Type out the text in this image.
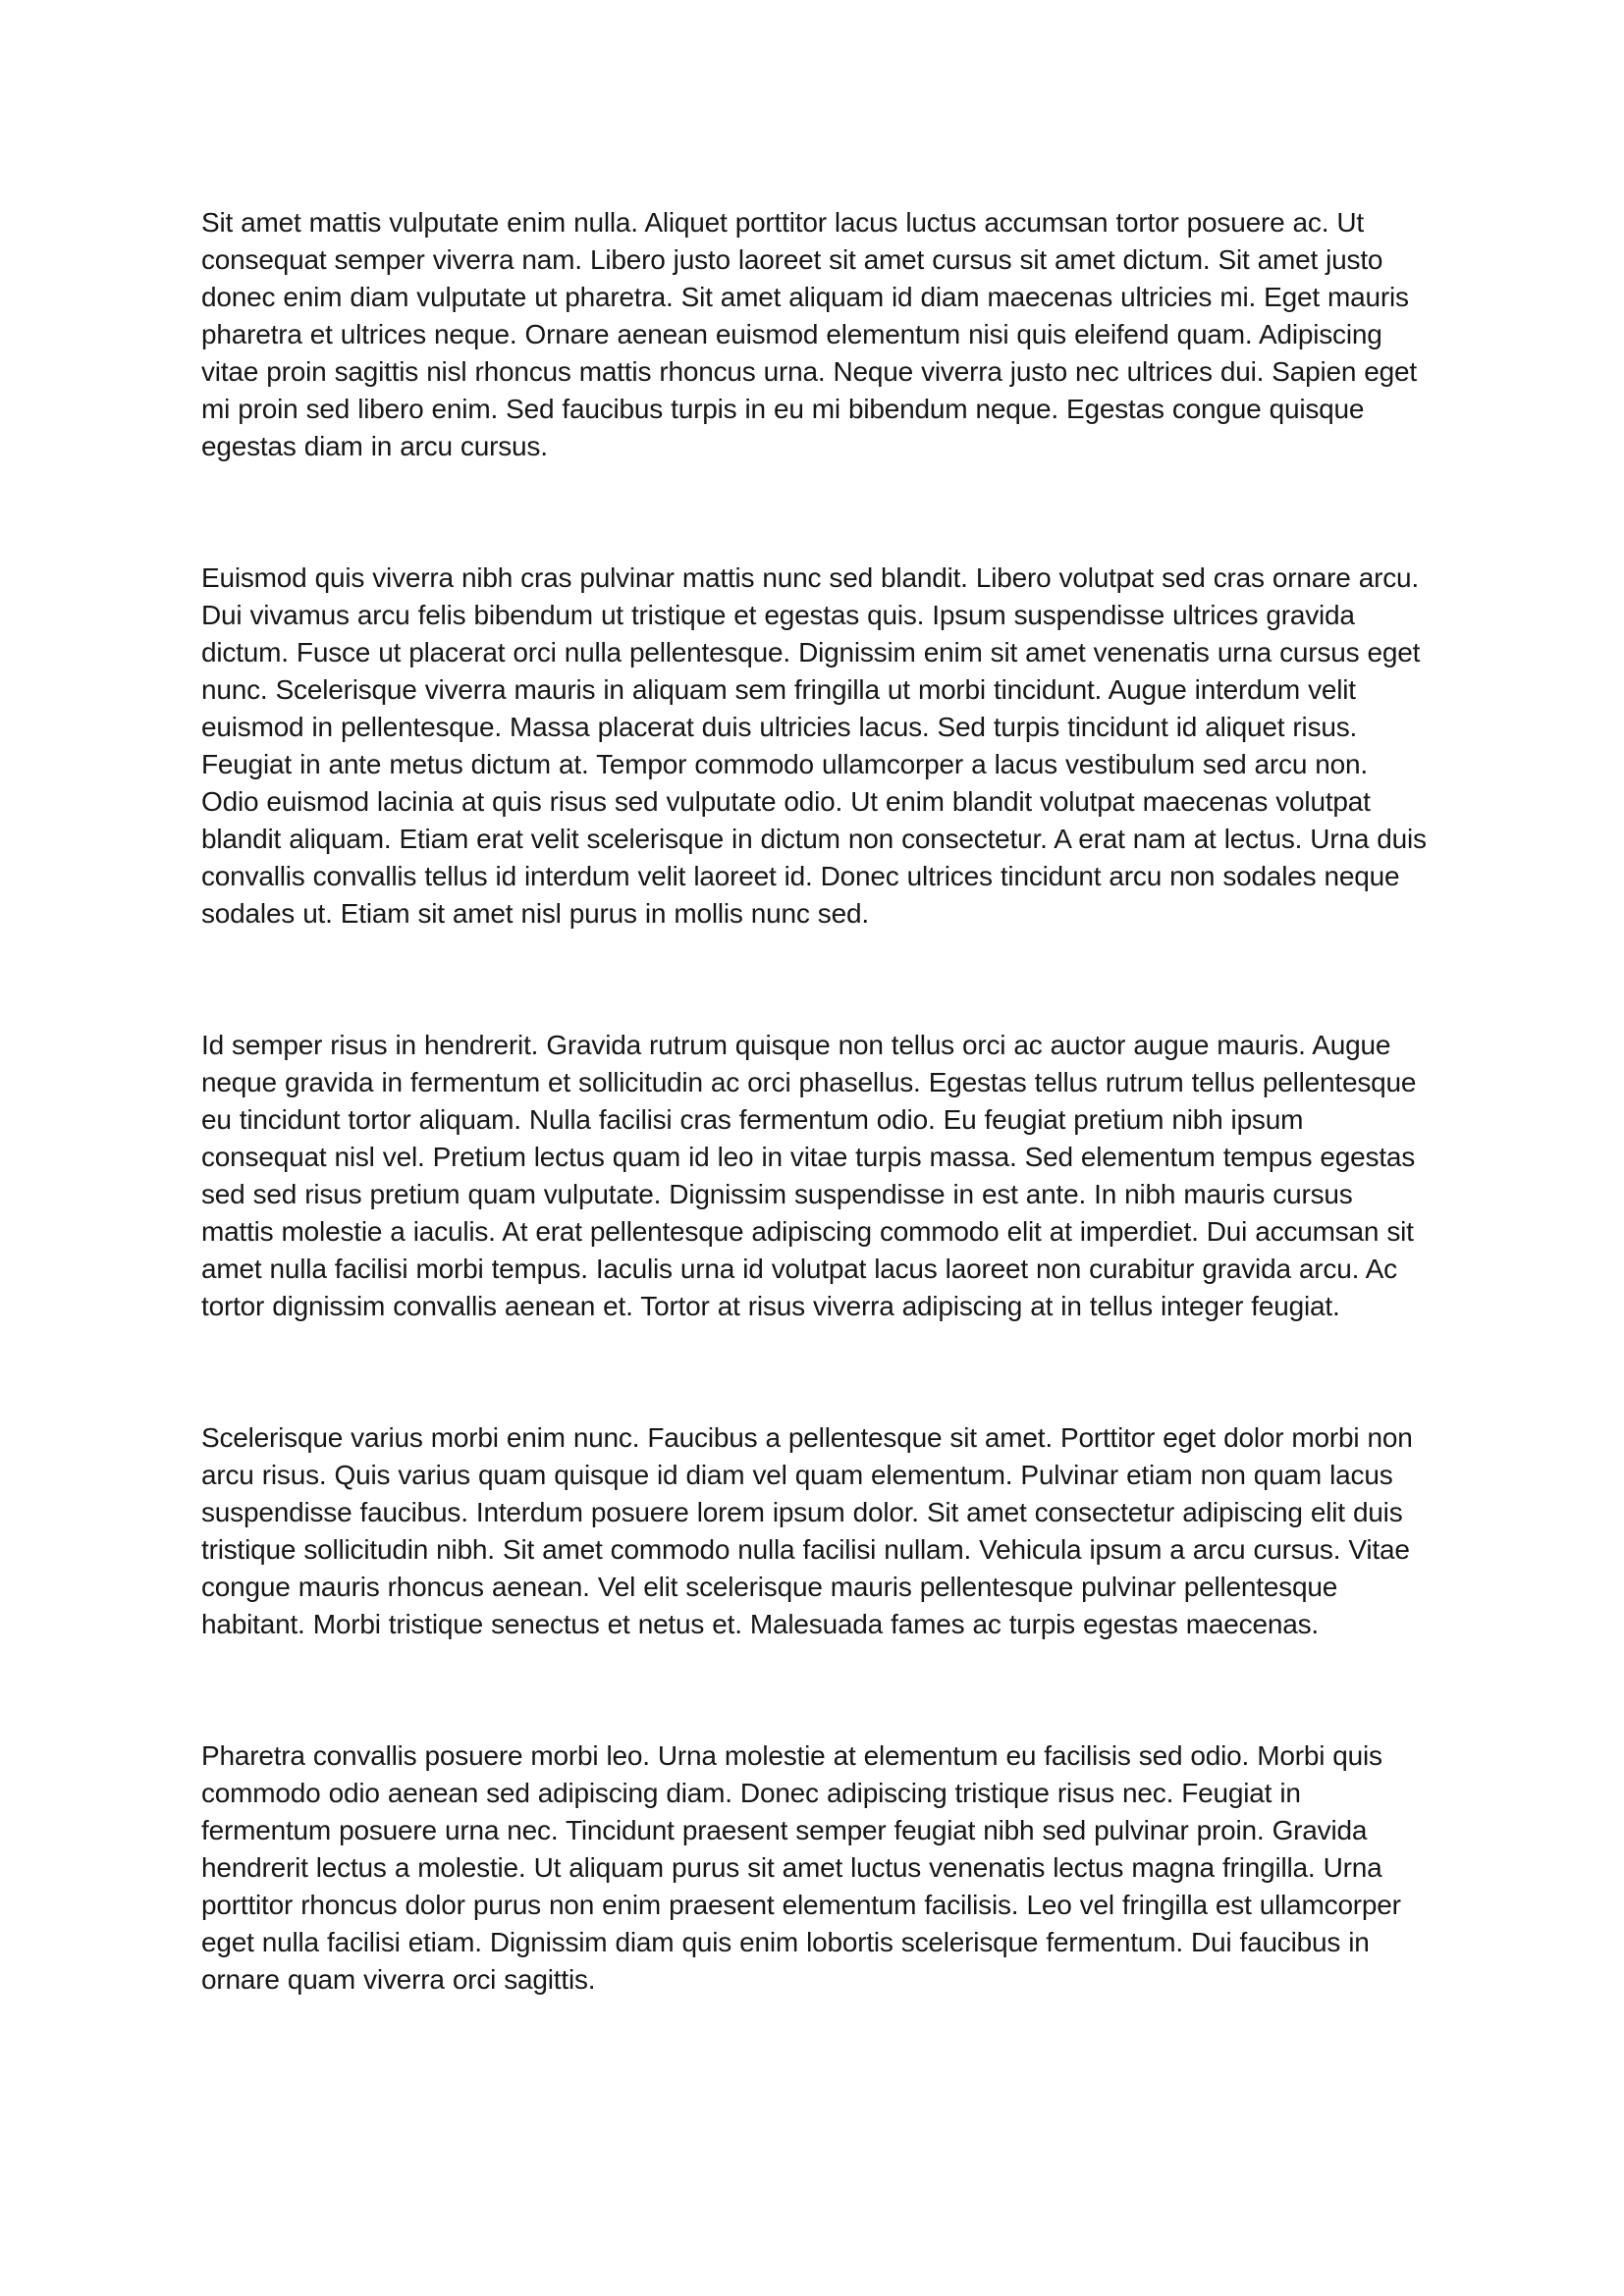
Sit amet mattis vulputate enim nulla. Aliquet porttitor lacus luctus accumsan tortor posuere ac. Ut consequat semper viverra nam. Libero justo laoreet sit amet cursus sit amet dictum. Sit amet justo donec enim diam vulputate ut pharetra. Sit amet aliquam id diam maecenas ultricies mi. Eget mauris pharetra et ultrices neque. Ornare aenean euismod elementum nisi quis eleifend quam. Adipiscing vitae proin sagittis nisl rhoncus mattis rhoncus urna. Neque viverra justo nec ultrices dui. Sapien eget mi proin sed libero enim. Sed faucibus turpis in eu mi bibendum neque. Egestas congue quisque egestas diam in arcu cursus.

Euismod quis viverra nibh cras pulvinar mattis nunc sed blandit. Libero volutpat sed cras ornare arcu. Dui vivamus arcu felis bibendum ut tristique et egestas quis. Ipsum suspendisse ultrices gravida dictum. Fusce ut placerat orci nulla pellentesque. Dignissim enim sit amet venenatis urna cursus eget nunc. Scelerisque viverra mauris in aliquam sem fringilla ut morbi tincidunt. Augue interdum velit euismod in pellentesque. Massa placerat duis ultricies lacus. Sed turpis tincidunt id aliquet risus. Feugiat in ante metus dictum at. Tempor commodo ullamcorper a lacus vestibulum sed arcu non. Odio euismod lacinia at quis risus sed vulputate odio. Ut enim blandit volutpat maecenas volutpat blandit aliquam. Etiam erat velit scelerisque in dictum non consectetur. A erat nam at lectus. Urna duis convallis convallis tellus id interdum velit laoreet id. Donec ultrices tincidunt arcu non sodales neque sodales ut. Etiam sit amet nisl purus in mollis nunc sed.

Id semper risus in hendrerit. Gravida rutrum quisque non tellus orci ac auctor augue mauris. Augue neque gravida in fermentum et sollicitudin ac orci phasellus. Egestas tellus rutrum tellus pellentesque eu tincidunt tortor aliquam. Nulla facilisi cras fermentum odio. Eu feugiat pretium nibh ipsum consequat nisl vel. Pretium lectus quam id leo in vitae turpis massa. Sed elementum tempus egestas sed sed risus pretium quam vulputate. Dignissim suspendisse in est ante. In nibh mauris cursus mattis molestie a iaculis. At erat pellentesque adipiscing commodo elit at imperdiet. Dui accumsan sit amet nulla facilisi morbi tempus. Iaculis urna id volutpat lacus laoreet non curabitur gravida arcu. Ac tortor dignissim convallis aenean et. Tortor at risus viverra adipiscing at in tellus integer feugiat.

Scelerisque varius morbi enim nunc. Faucibus a pellentesque sit amet. Porttitor eget dolor morbi non arcu risus. Quis varius quam quisque id diam vel quam elementum. Pulvinar etiam non quam lacus suspendisse faucibus. Interdum posuere lorem ipsum dolor. Sit amet consectetur adipiscing elit duis tristique sollicitudin nibh. Sit amet commodo nulla facilisi nullam. Vehicula ipsum a arcu cursus. Vitae congue mauris rhoncus aenean. Vel elit scelerisque mauris pellentesque pulvinar pellentesque habitant. Morbi tristique senectus et netus et. Malesuada fames ac turpis egestas maecenas.

Pharetra convallis posuere morbi leo. Urna molestie at elementum eu facilisis sed odio. Morbi quis commodo odio aenean sed adipiscing diam. Donec adipiscing tristique risus nec. Feugiat in fermentum posuere urna nec. Tincidunt praesent semper feugiat nibh sed pulvinar proin. Gravida hendrerit lectus a molestie. Ut aliquam purus sit amet luctus venenatis lectus magna fringilla. Urna porttitor rhoncus dolor purus non enim praesent elementum facilisis. Leo vel fringilla est ullamcorper eget nulla facilisi etiam. Dignissim diam quis enim lobortis scelerisque fermentum. Dui faucibus in ornare quam viverra orci sagittis.
